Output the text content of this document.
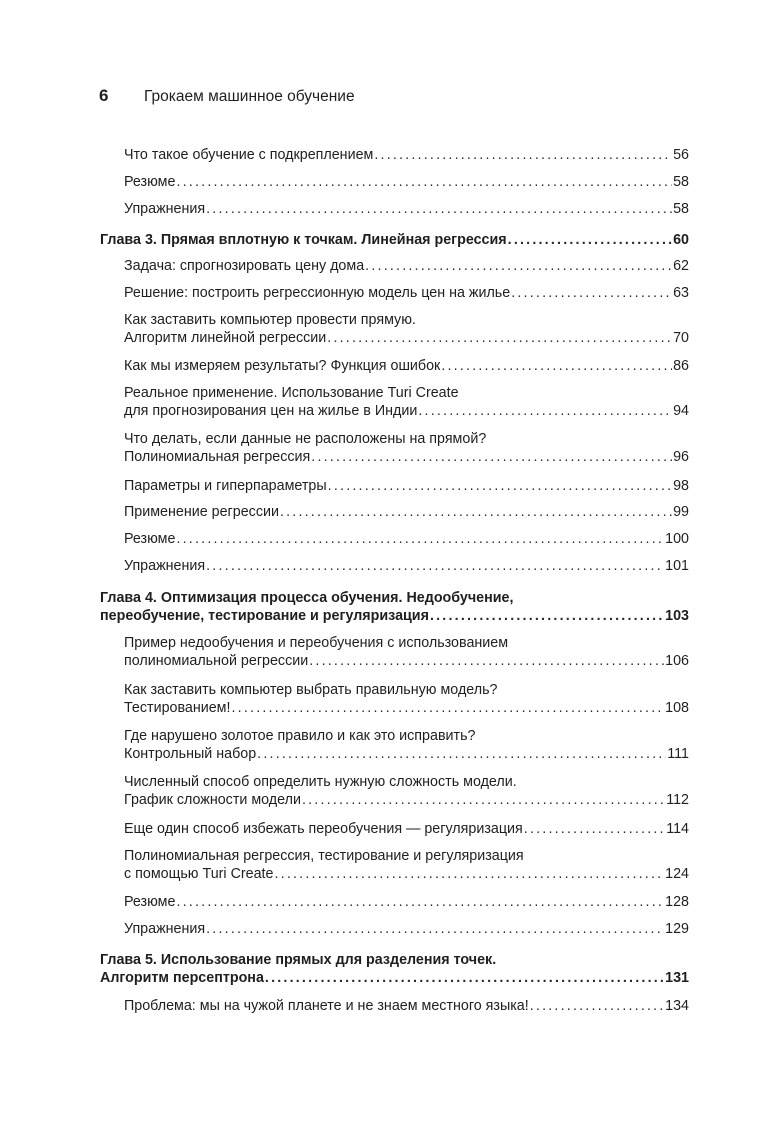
6	Грокаем машинное обучение
Что такое обучение с подкреплением .....	56
Резюме .....	58
Упражнения .....	58
Глава 3. Прямая вплотную к точкам. Линейная регрессия .....	60
Задача: спрогнозировать цену дома .....	62
Решение: построить регрессионную модель цен на жилье .....	63
Как заставить компьютер провести прямую.
Алгоритм линейной регрессии .....	70
Как мы измеряем результаты? Функция ошибок .....	86
Реальное применение. Использование Turi Create
для прогнозирования цен на жилье в Индии .....	94
Что делать, если данные не расположены на прямой?
Полиномиальная регрессия .....	96
Параметры и гиперпараметры .....	98
Применение регрессии .....	99
Резюме .....	100
Упражнения .....	101
Глава 4. Оптимизация процесса обучения. Недообучение,
переобучение, тестирование и регуляризация .....	103
Пример недообучения и переобучения с использованием
полиномиальной регрессии .....	106
Как заставить компьютер выбрать правильную модель?
Тестированием! .....	108
Где нарушено золотое правило и как это исправить?
Контрольный набор .....	111
Численный способ определить нужную сложность модели.
График сложности модели .....	112
Еще один способ избежать переобучения — регуляризация .....	114
Полиномиальная регрессия, тестирование и регуляризация
с помощью Turi Create .....	124
Резюме .....	128
Упражнения .....	129
Глава 5. Использование прямых для разделения точек.
Алгоритм персептрона .....	131
Проблема: мы на чужой планете и не знаем местного языка! .....	134
